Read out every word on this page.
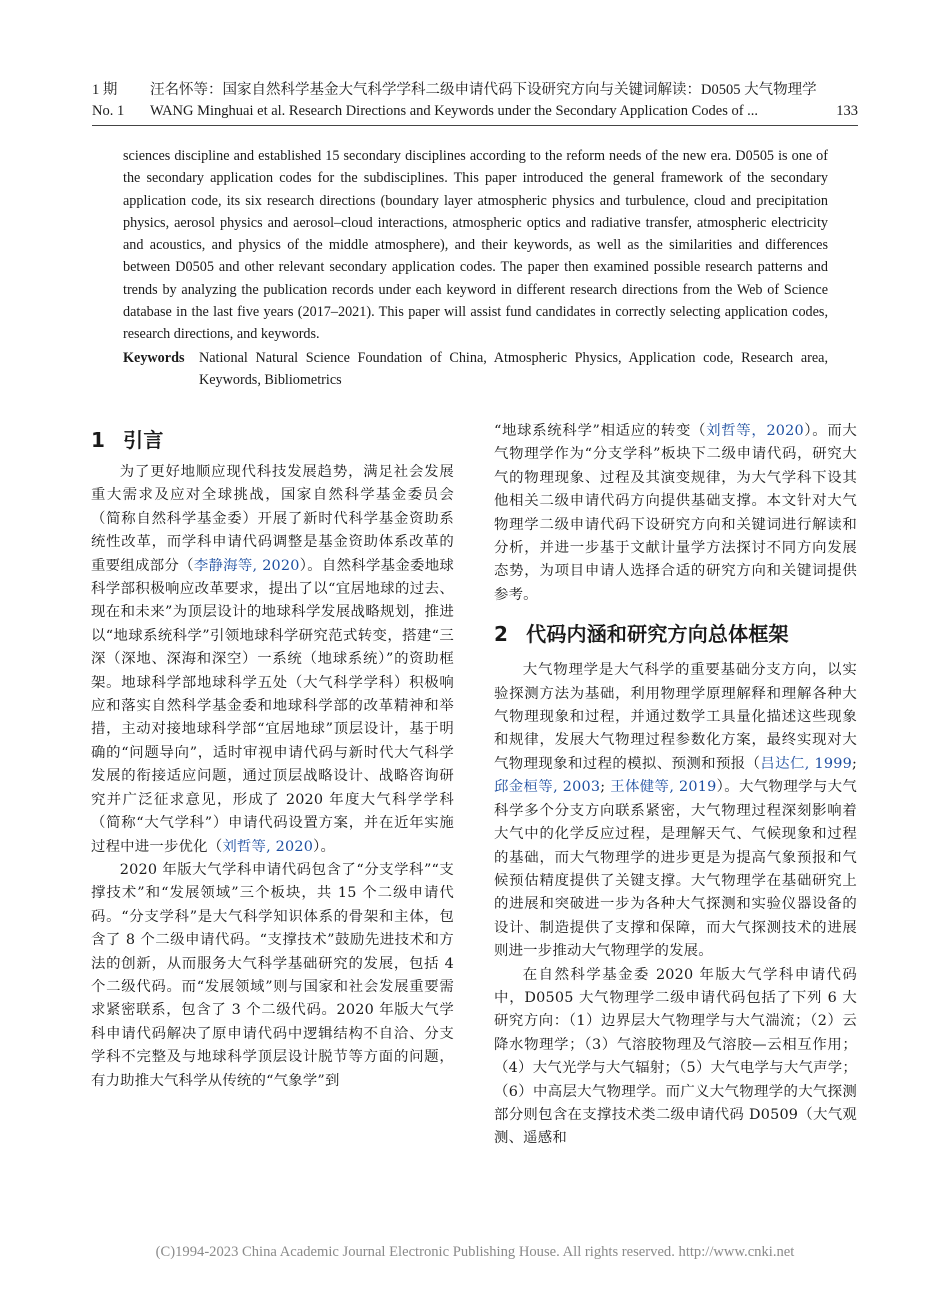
1 期	汪名怀等：国家自然科学基金大气科学学科二级申请代码下设研究方向与关键词解读：D0505 大气物理学
No. 1	WANG Minghuai et al. Research Directions and Keywords under the Secondary Application Codes of ...	133

sciences discipline and established 15 secondary disciplines according to the reform needs of the new era. D0505 is one of the secondary application codes for the subdisciplines. This paper introduced the general framework of the secondary application code, its six research directions (boundary layer atmospheric physics and turbulence, cloud and precipitation physics, aerosol physics and aerosol–cloud interactions, atmospheric optics and radiative transfer, atmospheric electricity and acoustics, and physics of the middle atmosphere), and their keywords, as well as the similarities and differences between D0505 and other relevant secondary application codes. The paper then examined possible research patterns and trends by analyzing the publication records under each keyword in different research directions from the Web of Science database in the last five years (2017–2021). This paper will assist fund candidates in correctly selecting application codes, research directions, and keywords.

Keywords	National Natural Science Foundation of China, Atmospheric Physics, Application code, Research area, Keywords, Bibliometrics
1 引言

为了更好地顺应现代科技发展趋势，满足社会发展重大需求及应对全球挑战，国家自然科学基金委员会（简称自然科学基金委）开展了新时代科学基金资助系统性改革，而学科申请代码调整是基金资助体系改革的重要组成部分（李静海等, 2020）。自然科学基金委地球科学部积极响应改革要求，提出了以“宜居地球的过去、现在和未来”为顶层设计的地球科学发展战略规划，推进以“地球系统科学”引领地球科学研究范式转变，搭建“三深（深地、深海和深空）一系统（地球系统）”的资助框架。地球科学部地球科学五处（大气科学学科）积极响应和落实自然科学基金委和地球科学部的改革精神和举措，主动对接地球科学部“宜居地球”顶层设计，基于明确的“问题导向”，适时审视申请代码与新时代大气科学发展的衔接适应问题，通过顶层战略设计、战略咨询研究并广泛征求意见，形成了 2020 年度大气科学学科（简称“大气学科”）申请代码设置方案，并在近年实施过程中进一步优化（刘哲等, 2020）。

2020 年版大气学科申请代码包含了“分支学科”“支撑技术”和“发展领域”三个板块，共 15 个二级申请代码。“分支学科”是大气科学知识体系的骨架和主体，包含了 8 个二级申请代码。“支撑技术”鼓励先进技术和方法的创新，从而服务大气科学基础研究的发展，包括 4 个二级代码。而“发展领域”则与国家和社会发展重要需求紧密联系，包含了 3 个二级代码。2020 年版大气学科申请代码解决了原申请代码中逻辑结构不自洽、分支学科不完整及与地球科学顶层设计脱节等方面的问题，有力助推大气科学从传统的“气象学”到

“地球系统科学”相适应的转变（刘哲等，2020）。而大气物理学作为“分支学科”板块下二级申请代码，研究大气的物理现象、过程及其演变规律，为大气学科下设其他相关二级申请代码方向提供基础支撑。本文针对大气物理学二级申请代码下设研究方向和关键词进行解读和分析，并进一步基于文献计量学方法探讨不同方向发展态势，为项目申请人选择合适的研究方向和关键词提供参考。

2 代码内涵和研究方向总体框架

大气物理学是大气科学的重要基础分支方向，以实验探测方法为基础，利用物理学原理解释和理解各种大气物理现象和过程，并通过数学工具量化描述这些现象和规律，发展大气物理过程参数化方案，最终实现对大气物理现象和过程的模拟、预测和预报（吕达仁, 1999; 邱金桓等, 2003; 王体健等, 2019）。大气物理学与大气科学多个分支方向联系紧密，大气物理过程深刻影响着大气中的化学反应过程，是理解天气、气候现象和过程的基础，而大气物理学的进步更是为提高气象预报和气候预估精度提供了关键支撑。大气物理学在基础研究上的进展和突破进一步为各种大气探测和实验仪器设备的设计、制造提供了支撑和保障，而大气探测技术的进展则进一步推动大气物理学的发展。

在自然科学基金委 2020 年版大气学科申请代码中，D0505 大气物理学二级申请代码包括了下列 6 大研究方向：（1）边界层大气物理学与大气湍流；（2）云降水物理学；（3）气溶胶物理及气溶胶—云相互作用；（4）大气光学与大气辐射；（5）大气电学与大气声学；（6）中高层大气物理学。而广义大气物理学的大气探测部分则包含在支撑技术类二级申请代码 D0509（大气观测、遥感和

(C)1994-2023 China Academic Journal Electronic Publishing House. All rights reserved. http://www.cnki.net
